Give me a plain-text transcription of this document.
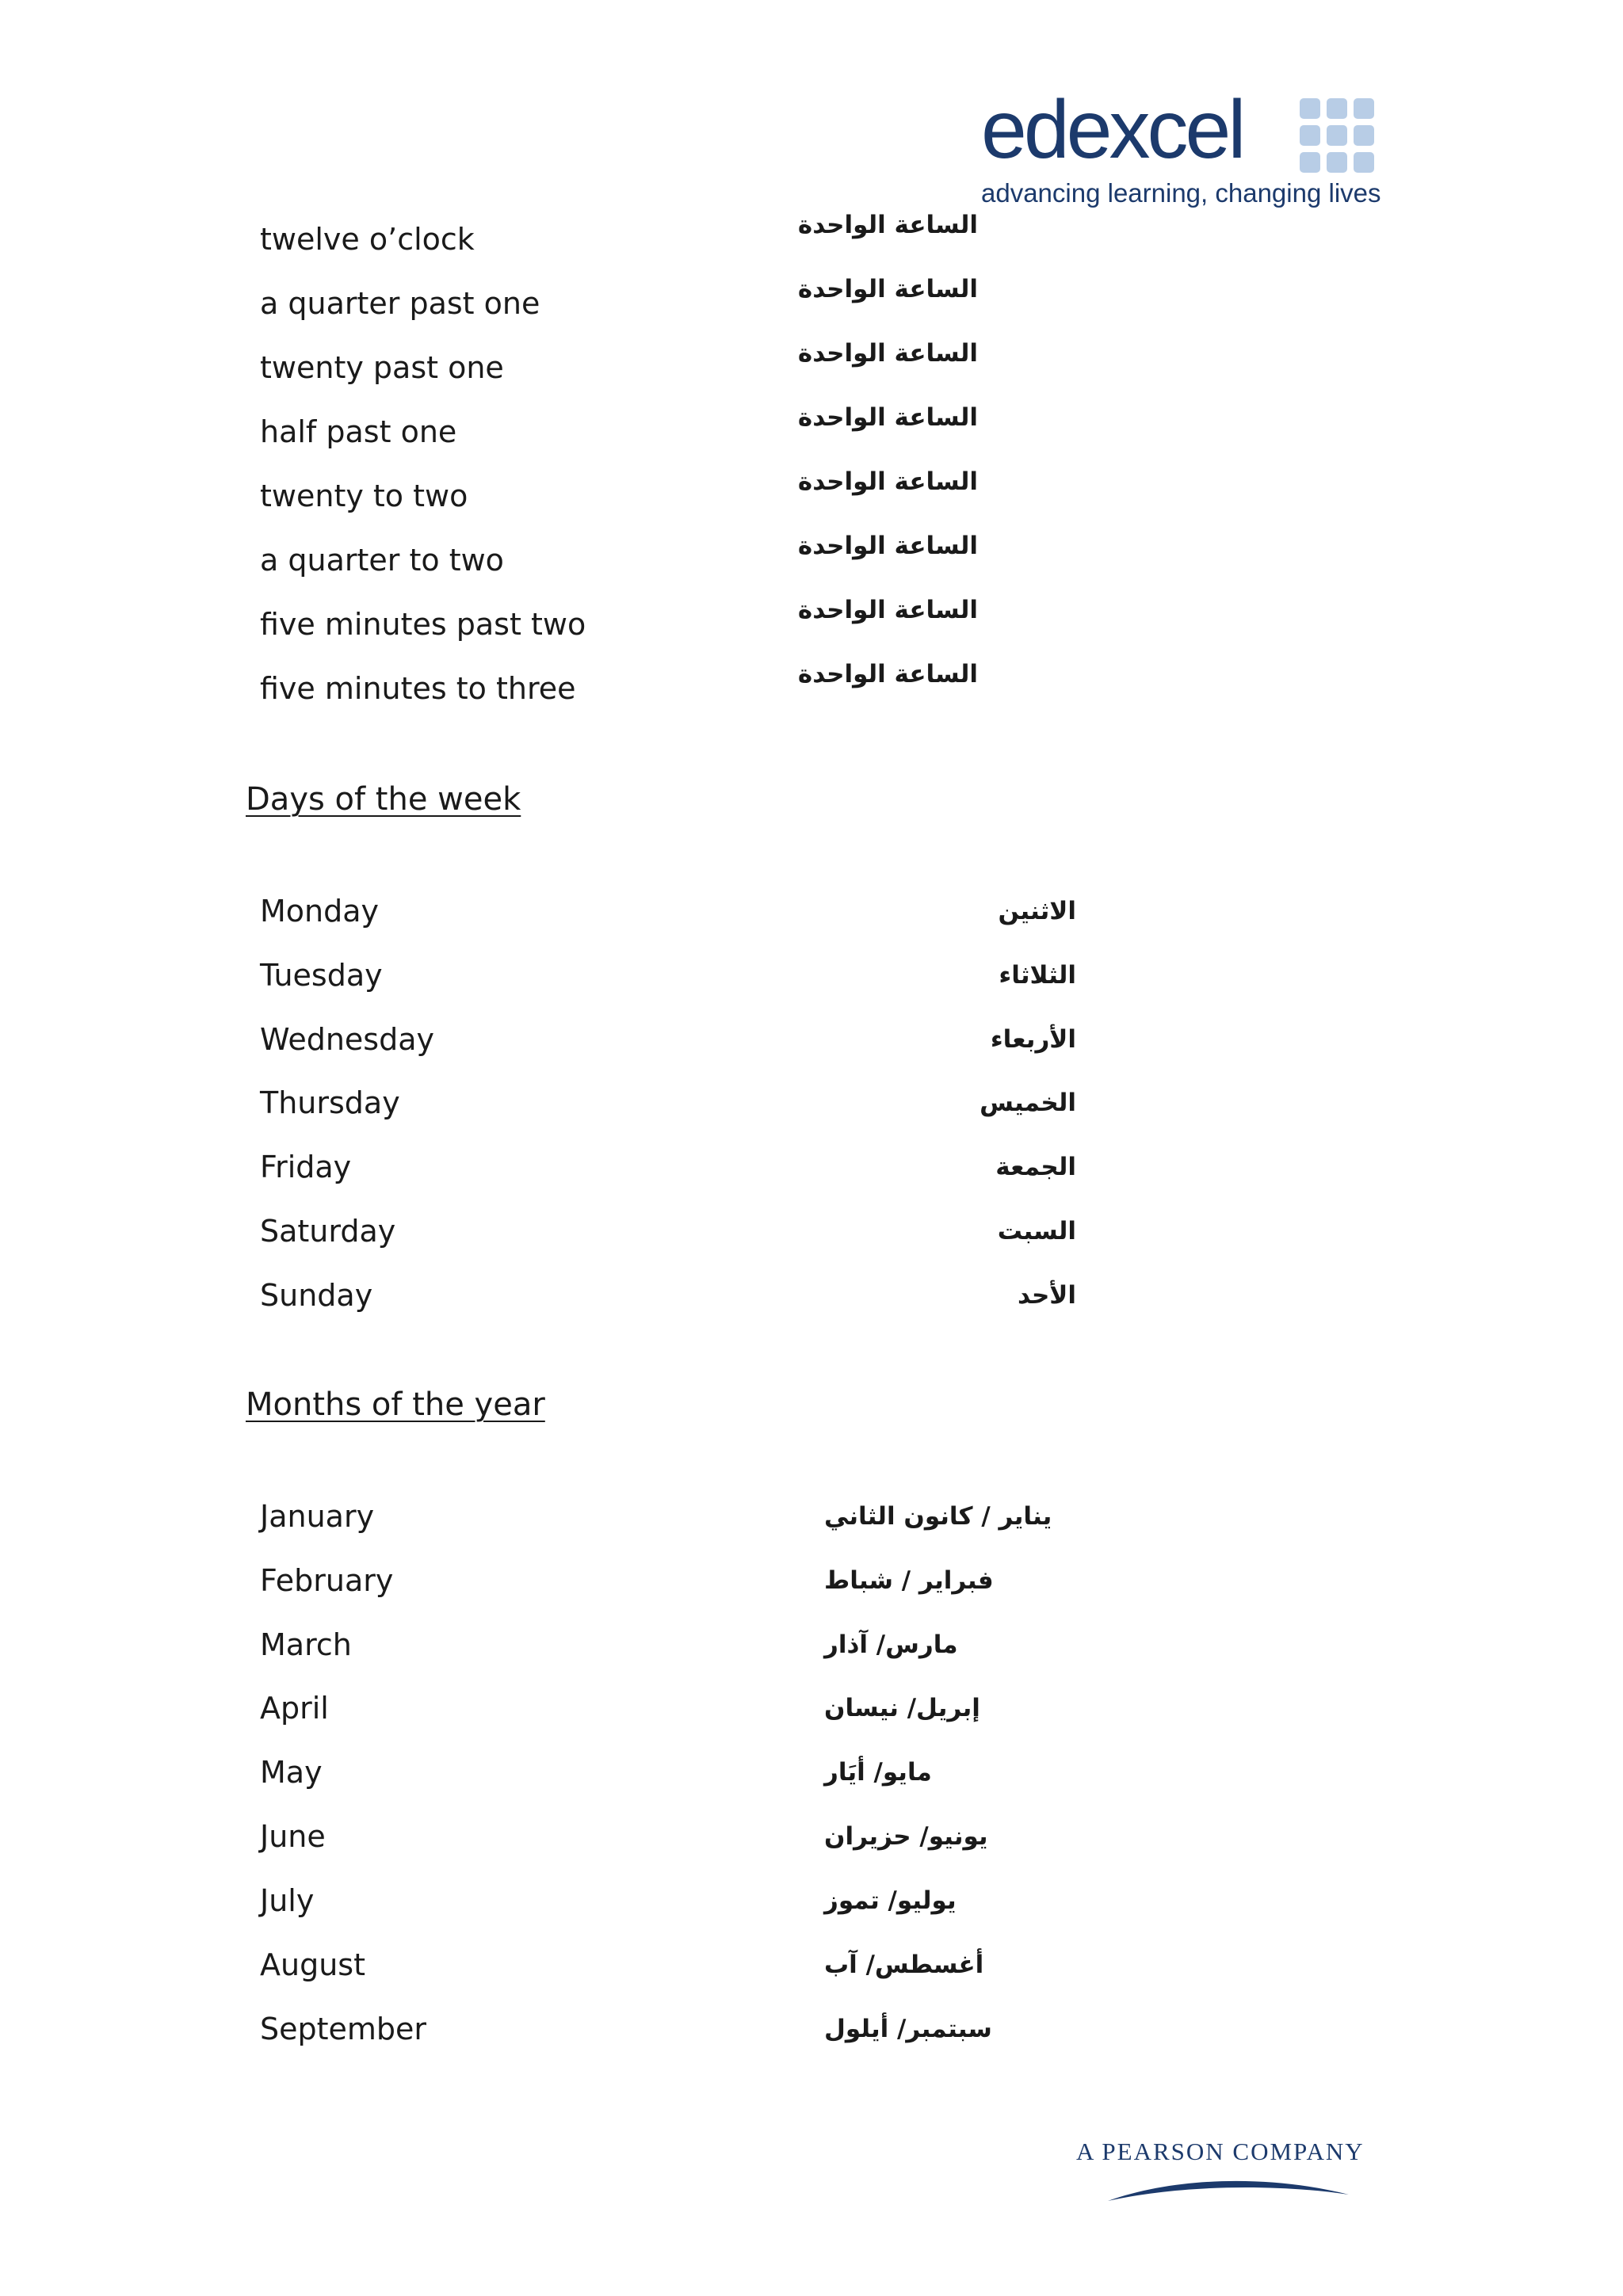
edexcel
advancing learning, changing lives
twelve o’clock	الساعة الواحدة
a quarter past one	الساعة الواحدة
twenty past one	الساعة الواحدة
half past one	الساعة الواحدة
twenty to two	الساعة الواحدة
a quarter to two	الساعة الواحدة
five minutes past two	الساعة الواحدة
five minutes to three	الساعة الواحدة
Days of the week
Monday	الاثنين
Tuesday	الثلاثاء
Wednesday	الأربعاء
Thursday	الخميس
Friday	الجمعة
Saturday	السبت
Sunday	الأحد
Months of the year
January	يناير / كانون الثاني
February	فبراير / شباط
March	مارس/ آذار
April	إبريل/ نيسان
May	مايو/ أيَار
June	يونيو/ حزيران
July	يوليو/ تموز
August	أغسطس/ آب
September	سبتمبر/ أيلول
A PEARSON COMPANY
